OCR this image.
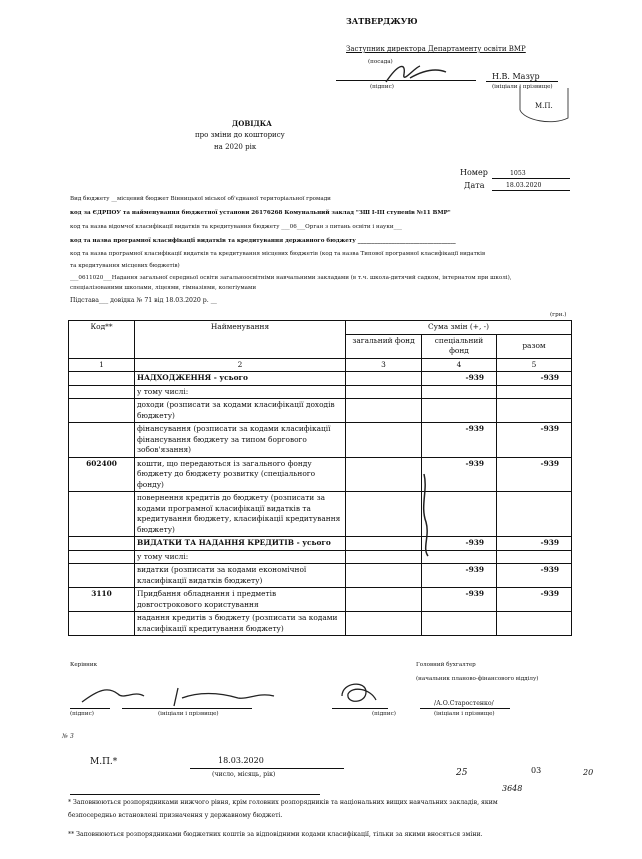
ЗАТВЕРДЖУЮ
Заступник директора Департаменту освіти ВМР
(посада)
(підпис)
Н.В. Мазур
(ініціали і прізвище)
М.П.
ДОВІДКА
про зміни до кошторису
на 2020 рік
Номер	1053
Дата	18.03.2020
Вид бюджету __місцевий бюджет Вінницької міської об'єднаної територіальної громади
код за ЄДРПОУ та найменування бюджетної установи 26176268 Комунальний заклад "ЗШ І-ІІІ ступенів №11 ВМР"
код та назва відомчої класифікації видатків та кредитування бюджету ___06___Орган з питань освіти і науки___
код та назва програмної класифікації видатків та кредитування державного бюджету ___________________________________
код та назва програмної класифікації видатків та кредитування місцевих бюджетів (код та назва Типової програмної класифікації видатків
та кредитування місцевих бюджетів)
___0611020___Надання загальної середньої освіти загальноосвітніми навчальними закладами (в т.ч. школа-дитячий садком, інтернатом при школі),
спеціалізованими школами, ліцеями, гімназіями, колегіумами
Підстава___ довідка № 71 від 18.03.2020 р. __
(грн.)
Код**	Найменування	Сума змін (+, -)		
		загальний фонд	спеціальний фонд	разом
1	2	3	4	5
	НАДХОДЖЕННЯ - усього		-939	-939
	у тому числі:			
	доходи (розписати за кодами класифікації доходів бюджету)			
	фінансування (розписати за кодами класифікації фінансування бюджету за типом боргового зобов'язання)		-939	-939
602400	кошти, що передаються із загального фонду бюджету до бюджету розвитку (спеціального фонду)		-939	-939
	повернення кредитів до бюджету (розписати за кодами програмної класифікації видатків та кредитування бюджету, класифікації кредитування бюджету)			
	ВИДАТКИ ТА НАДАННЯ КРЕДИТІВ - усього		-939	-939
	у тому числі:			
	видатки (розписати за кодами економічної класифікації видатків бюджету)		-939	-939
3110	Придбання обладнання і предметів довгострокового користування		-939	-939
	надання кредитів з бюджету (розписати за кодами класифікації кредитування бюджету)			
Керівник	Головний бухгалтер
(начальник планово-фінансового відділу)
(підпис)	(ініціали і прізвище)	(підпис)
/А.О.Старостенко/
(ініціали і прізвище)
№ 3
М.П.*	18.03.2020
(число, місяць, рік)	25	03	20
3648
* Заповнюються розпорядниками нижчого рівня, крім головних розпорядників та національних вищих навчальних закладів, яким
безпосередньо встановлені призначення у державному бюджеті.
** Заповнюються розпорядниками бюджетних коштів за відповідними кодами класифікації, тільки за якими вносяться зміни.
